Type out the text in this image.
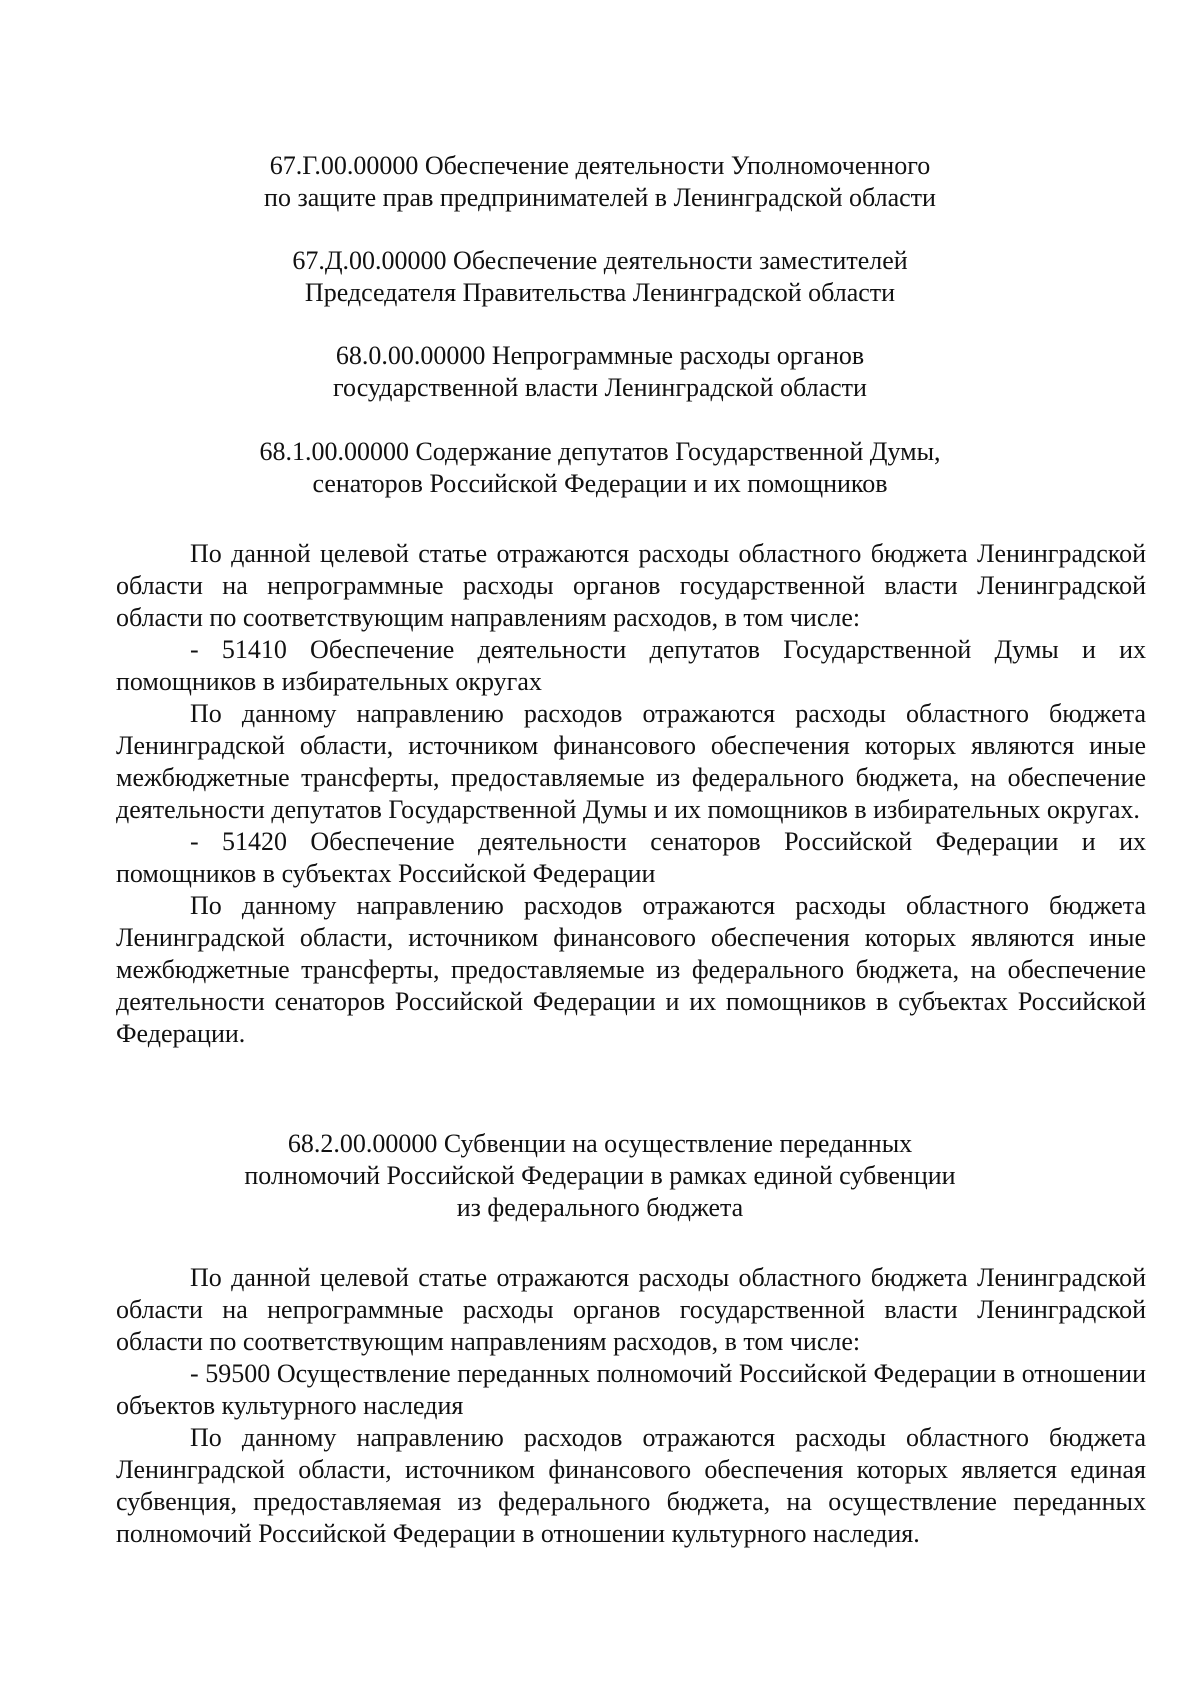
67.Г.00.00000 Обеспечение деятельности Уполномоченного
по защите прав предпринимателей в Ленинградской области
67.Д.00.00000 Обеспечение деятельности заместителей
Председателя Правительства Ленинградской области
68.0.00.00000 Непрограммные расходы органов
государственной власти Ленинградской области
68.1.00.00000 Содержание депутатов Государственной Думы,
сенаторов Российской Федерации и их помощников

По данной целевой статье отражаются расходы областного бюджета Ленинградской области на непрограммные расходы органов государственной власти Ленинградской области по соответствующим направлениям расходов, в том числе:

- 51410 Обеспечение деятельности депутатов Государственной Думы и их помощников в избирательных округах

По данному направлению расходов отражаются расходы областного бюджета Ленинградской области, источником финансового обеспечения которых являются иные межбюджетные трансферты, предоставляемые из федерального бюджета, на обеспечение деятельности депутатов Государственной Думы и их помощников в избирательных округах.

- 51420 Обеспечение деятельности сенаторов Российской Федерации и их помощников в субъектах Российской Федерации

По данному направлению расходов отражаются расходы областного бюджета Ленинградской области, источником финансового обеспечения которых являются иные межбюджетные трансферты, предоставляемые из федерального бюджета, на обеспечение деятельности сенаторов Российской Федерации и их помощников в субъектах Российской Федерации.

68.2.00.00000 Субвенции на осуществление переданных
полномочий Российской Федерации в рамках единой субвенции
из федерального бюджета

По данной целевой статье отражаются расходы областного бюджета Ленинградской области на непрограммные расходы органов государственной власти Ленинградской области по соответствующим направлениям расходов, в том числе:

- 59500 Осуществление переданных полномочий Российской Федерации в отношении объектов культурного наследия

По данному направлению расходов отражаются расходы областного бюджета Ленинградской области, источником финансового обеспечения которых является единая субвенция, предоставляемая из федерального бюджета, на осуществление переданных полномочий Российской Федерации в отношении культурного наследия.
